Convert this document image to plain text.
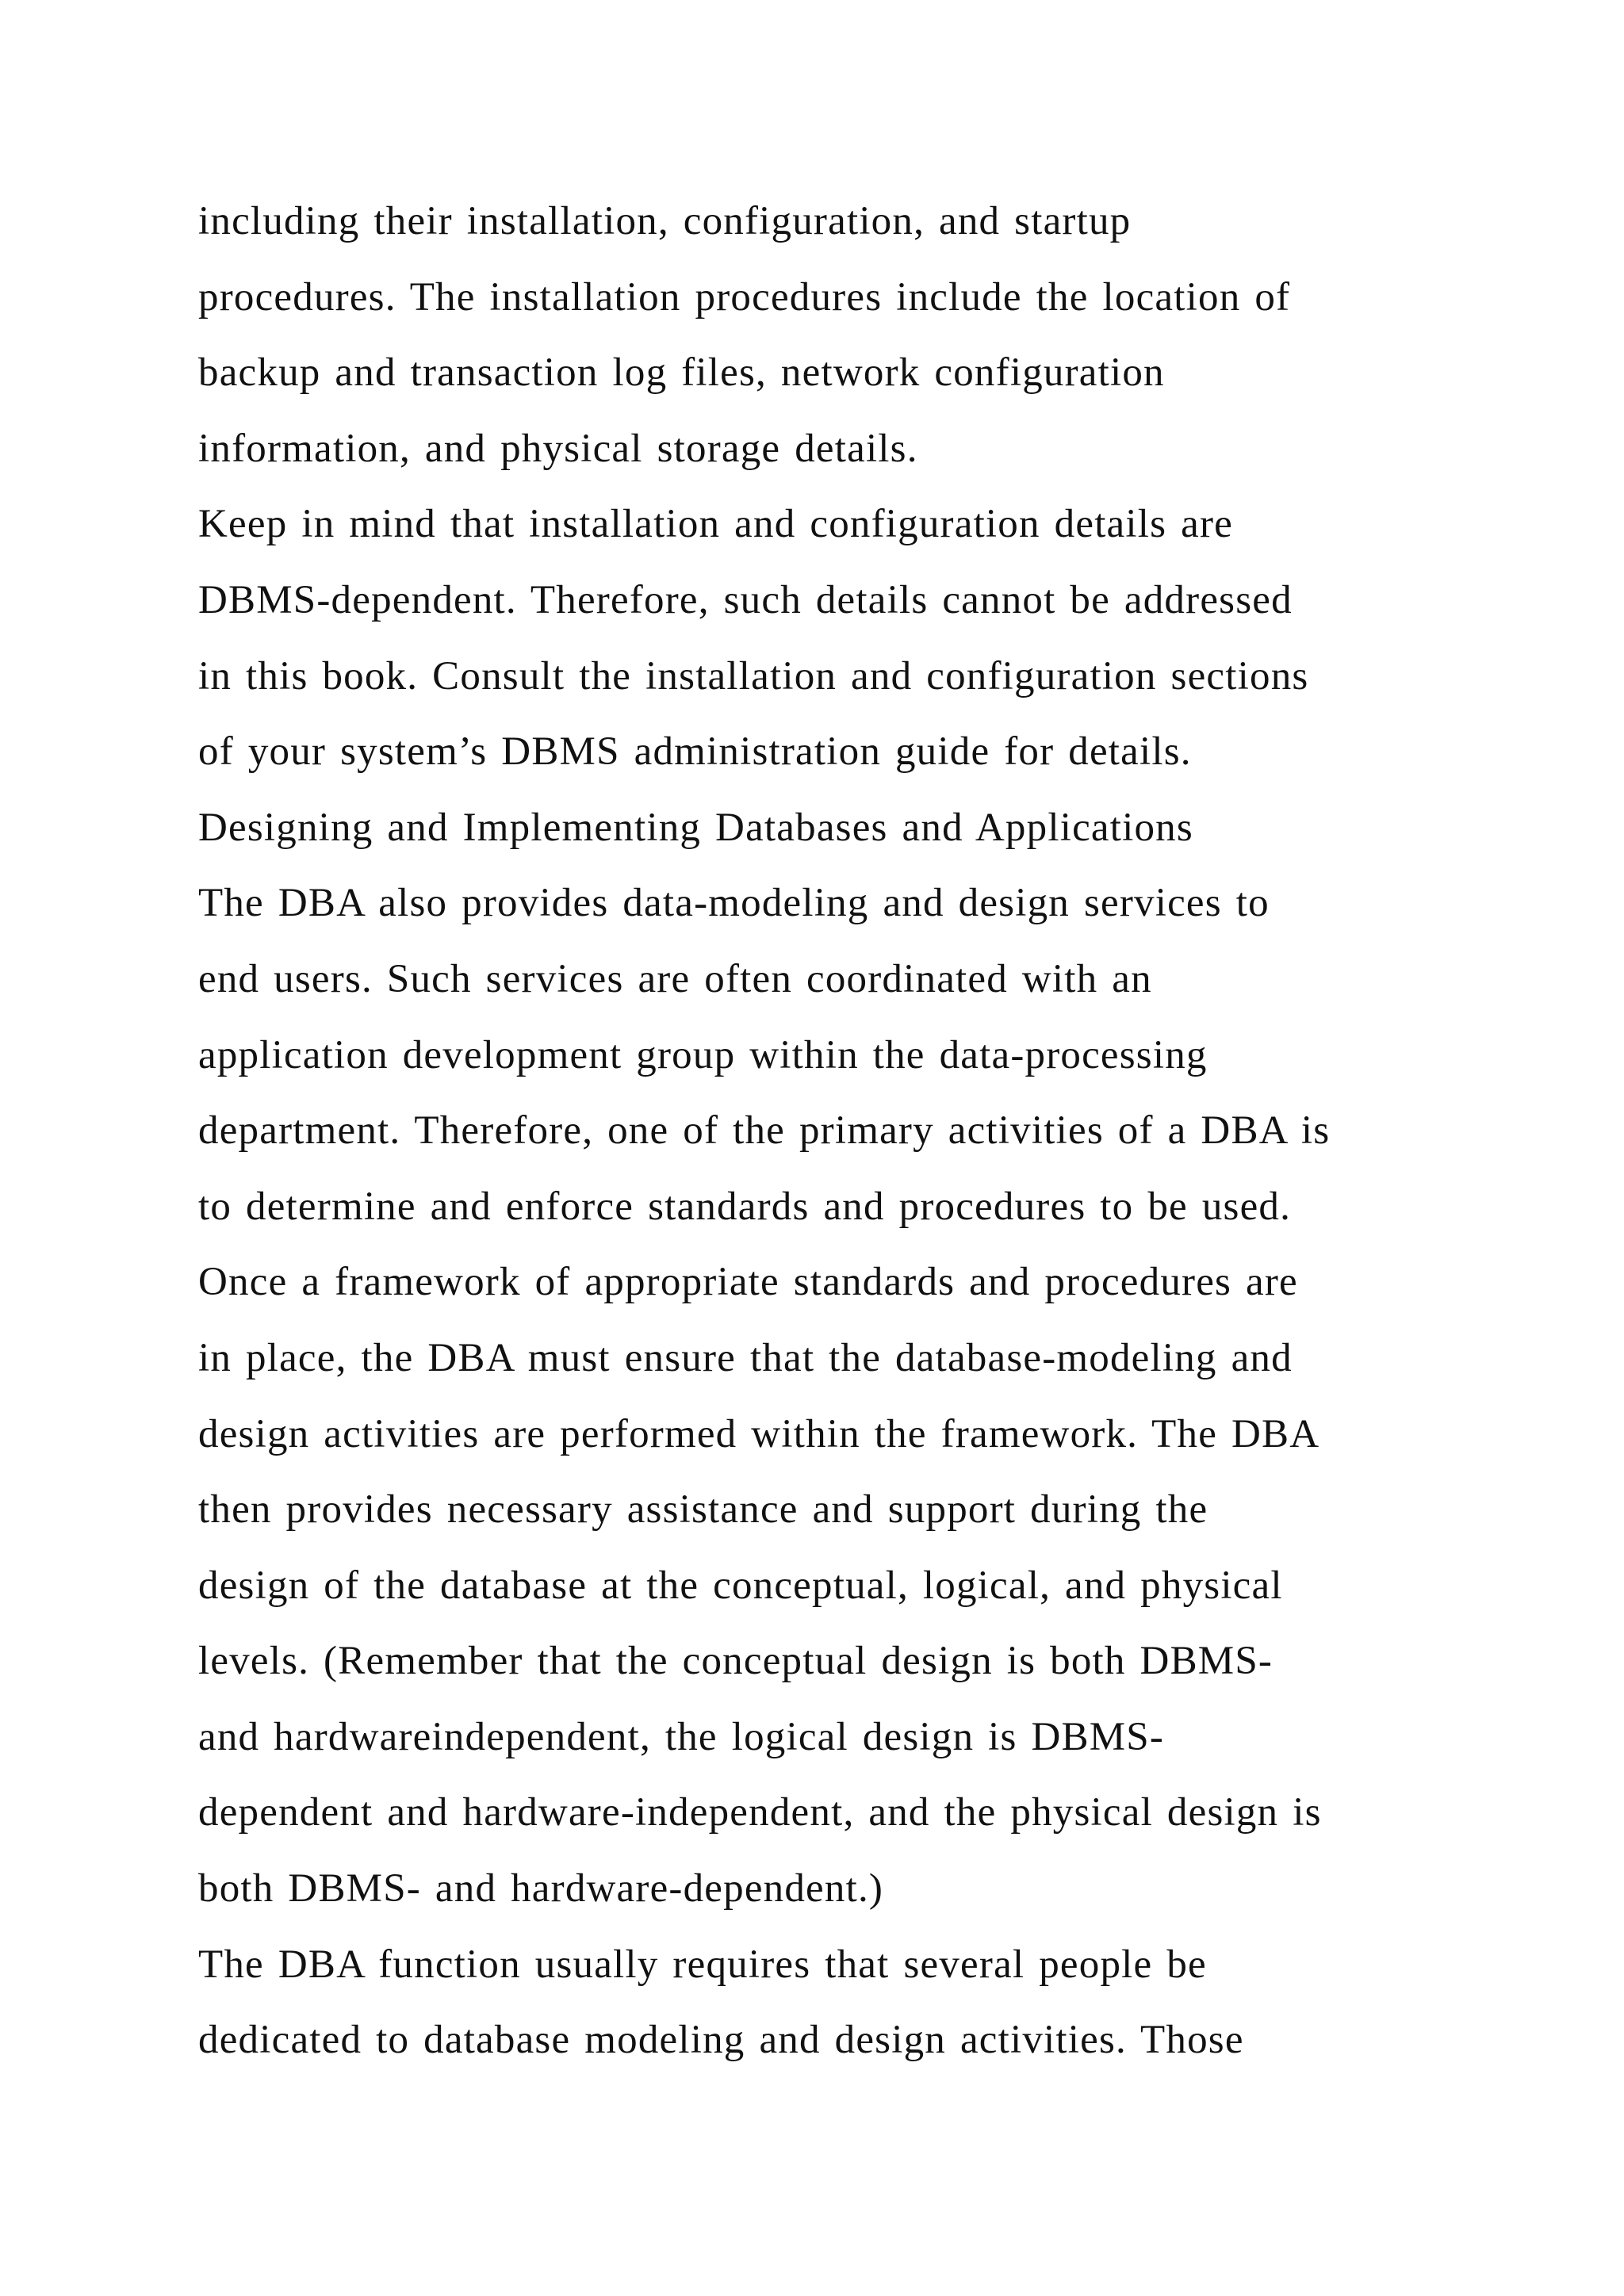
including their installation, configuration, and startup
procedures. The installation procedures include the location of
backup and transaction log files, network configuration
information, and physical storage details.
Keep in mind that installation and configuration details are
DBMS-dependent. Therefore, such details cannot be addressed
in this book. Consult the installation and configuration sections
of your system’s DBMS administration guide for details.
Designing and Implementing Databases and Applications
The DBA also provides data-modeling and design services to
end users. Such services are often coordinated with an
application development group within the data-processing
department. Therefore, one of the primary activities of a DBA is
to determine and enforce standards and procedures to be used.
Once a framework of appropriate standards and procedures are
in place, the DBA must ensure that the database-modeling and
design activities are performed within the framework. The DBA
then provides necessary assistance and support during the
design of the database at the conceptual, logical, and physical
levels. (Remember that the conceptual design is both DBMS-
and hardwareindependent, the logical design is DBMS-
dependent and hardware-independent, and the physical design is
both DBMS- and hardware-dependent.)
The DBA function usually requires that several people be
dedicated to database modeling and design activities. Those
